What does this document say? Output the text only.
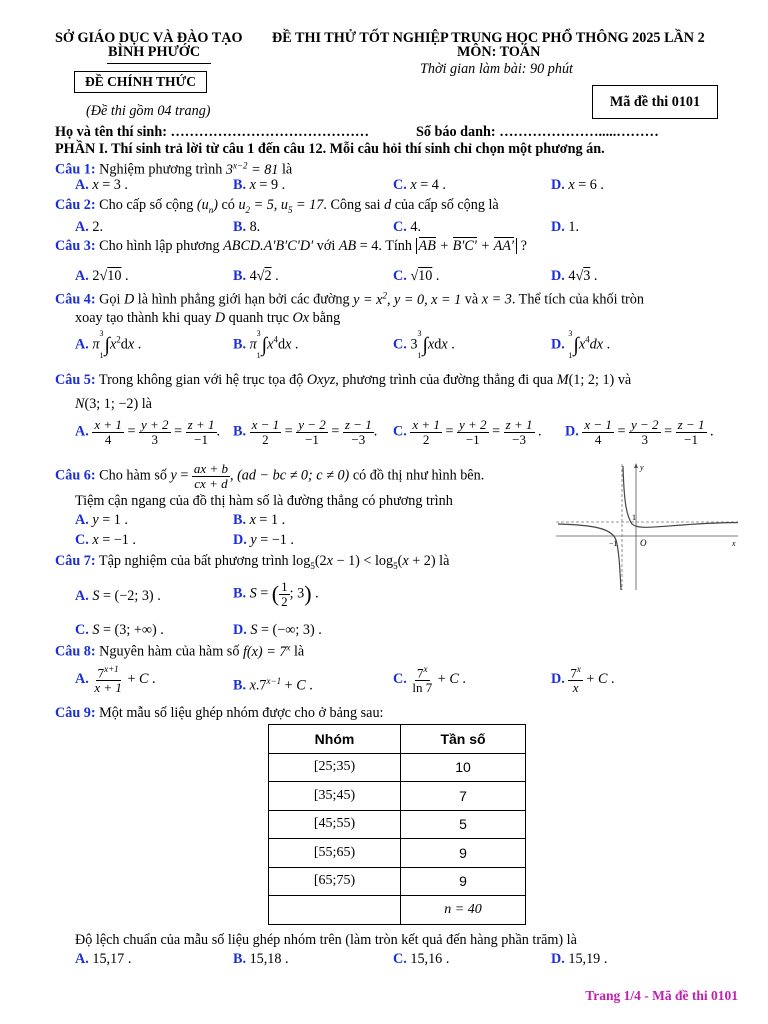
SỞ GIÁO DỤC VÀ ĐÀO TẠO
BÌNH PHƯỚC
ĐỀ CHÍNH THỨC
(Đề thi gồm 04 trang)
ĐỀ THI THỬ TỐT NGHIỆP TRUNG HỌC PHỔ THÔNG 2025 LẦN 2
MÔN: TOÁN
Thời gian làm bài: 90 phút
Mã đề thi 0101
Họ và tên thí sinh: ……………………………………	Số báo danh: ………………….....………
PHẦN I. Thí sinh trả lời từ câu 1 đến câu 12. Mỗi câu hỏi thí sinh chỉ chọn một phương án.
Câu 1: Nghiệm phương trình $3^{x-2} = 81$ là
A. x = 3 .	B. x = 9 .	C. x = 4 .	D. x = 6 .
Câu 2: Cho cấp số cộng $(u_n)$ có $u_2 = 5$, $u_5 = 17$. Công sai d của cấp số cộng là
A. 2.	B. 8.	C. 4.	D. 1.
Câu 3: Cho hình lập phương ABCD.A′B′C′D′ với AB = 4. Tính AB + B′C′ + AA′ ?
A. 2√10 .	B. 4√2 .	C. √10 .	D. 4√3 .
Câu 4: Gọi D là hình phẳng giới hạn bởi các đường $y = x^2$, y = 0, x = 1 và x = 3. Thể tích của khối tròn
xoay tạo thành khi quay D quanh trục Ox bằng
A. π
3
1 $\int x^2dx$ .	B. π
3
1 $\int x^4dx$ .	C. 3
3
1 ∫xdx .	D.
3
1 $\int x^4dx$ .
Câu 5: Trong không gian với hệ trục tọa độ Oxyz, phương trình của đường thẳng đi qua M(1; 2; 1) và
N(3; 1; −2) là
A. $\frac{x + 1}{4} = \frac{y + 2}{3} = \frac{z + 1}{-1}$ . B. $\frac{x - 1}{2} = \frac{y - 2}{-1} = \frac{z - 1}{-3}$ . C. $\frac{x + 1}{2} = \frac{y + 2}{-1} = \frac{z + 1}{-3}$ . D. $\frac{x - 1}{4} = \frac{y - 2}{3} = \frac{z - 1}{-1}$ .
Câu 6: Cho hàm số $y = \frac{ax + b}{cx + d}$ , (ad − bc ≠ 0; c ≠ 0) có đồ thị như hình bên.
Tiệm cận ngang của đồ thị hàm số là đường thẳng có phương trình
A. y = 1 .	B. x = 1 .
C. x = −1 .	D. y = −1 .
y
x
O
1
−1
Câu 7: Tập nghiệm của bất phương trình $\log_5(2x - 1) < \log_5(x + 2)$ là
A. S = (−2; 3) .	B. S = ( $\frac{1}{2}$ ; 3) .
C. S = (3; +∞) .	D. S = (−∞; 3) .
Câu 8: Nguyên hàm của hàm số $f(x) = 7^x$ là
A. $\frac{7^{x+1}}{x + 1} + C$ .	B. $x.7^{x-1} + C$ .	C. $\frac{7^x}{\ln 7} + C$ .	D. $\frac{7^x}{x} + C$ .
Câu 9: Một mẫu số liệu ghép nhóm được cho ở bảng sau:
Nhóm	Tần số
[25;35)	10
[35;45)	7
[45;55)	5
[55;65)	9
[65;75)	9
	n = 40
Độ lệch chuẩn của mẫu số liệu ghép nhóm trên (làm tròn kết quả đến hàng phần trăm) là
A. 15,17 .	B. 15,18 .	C. 15,16 .	D. 15,19 .
Trang 1/4 - Mã đề thi 0101
